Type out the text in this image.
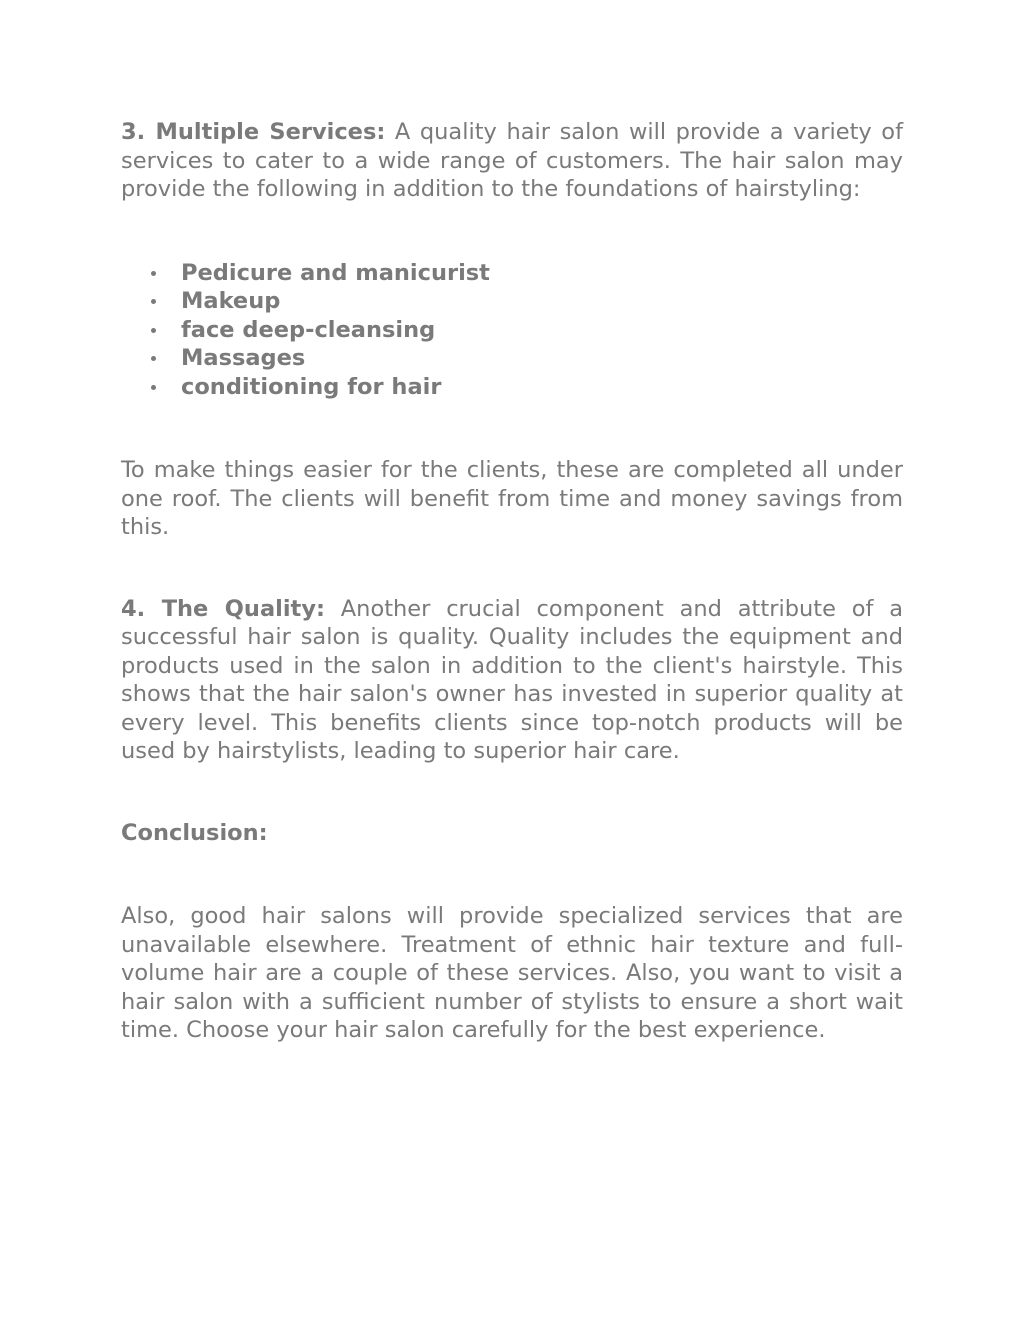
3. Multiple Services: A quality hair salon will provide a variety of services to cater to a wide range of customers. The hair salon may provide the following in addition to the foundations of hairstyling:

Pedicure and manicurist
Makeup
face deep-cleansing
Massages
conditioning for hair

To make things easier for the clients, these are completed all under one roof. The clients will benefit from time and money savings from this.

4. The Quality: Another crucial component and attribute of a successful hair salon is quality. Quality includes the equipment and products used in the salon in addition to the client's hairstyle. This shows that the hair salon's owner has invested in superior quality at every level. This benefits clients since top-notch products will be used by hairstylists, leading to superior hair care.

Conclusion:

Also, good hair salons will provide specialized services that are unavailable elsewhere. Treatment of ethnic hair texture and full-volume hair are a couple of these services. Also, you want to visit a hair salon with a sufficient number of stylists to ensure a short wait time. Choose your hair salon carefully for the best experience.
